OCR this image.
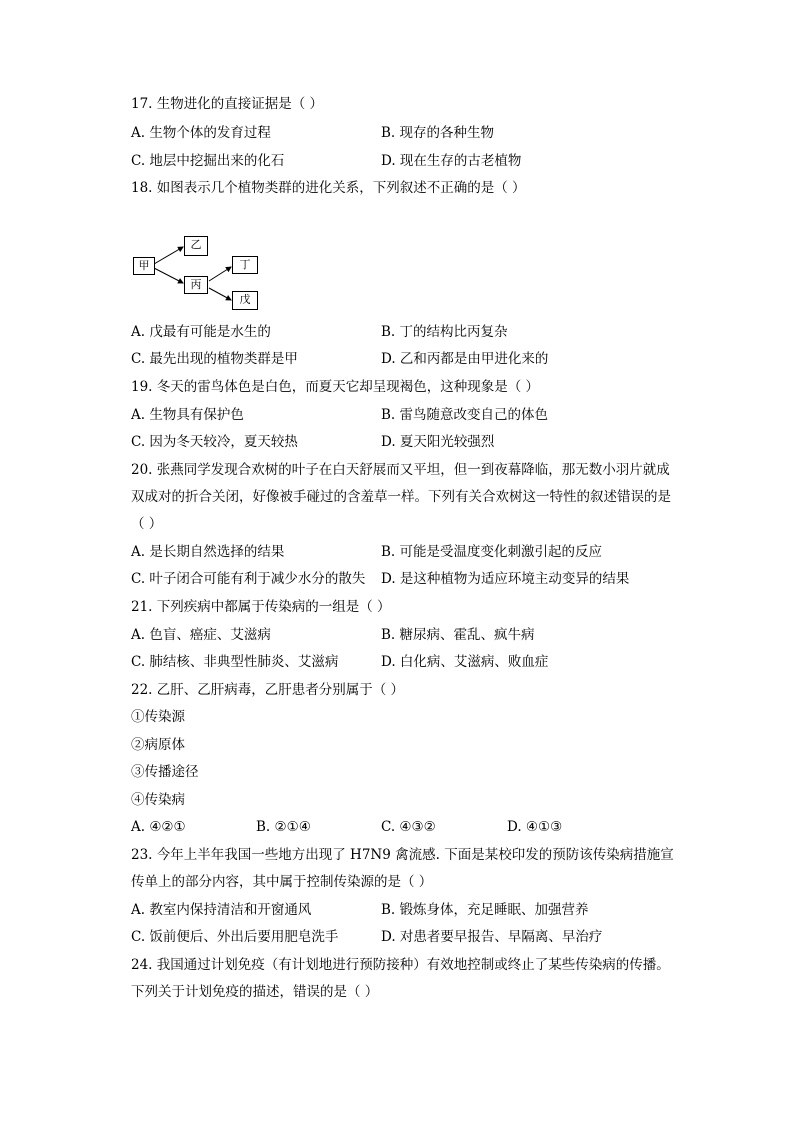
17. 生物进化的直接证据是（ ）
A. 生物个体的发育过程	B. 现存的各种生物
C. 地层中挖掘出来的化石	D. 现在生存的古老植物
18. 如图表示几个植物类群的进化关系，下列叙述不正确的是（ ）
甲
乙
丙
丁
戊
A. 戊最有可能是水生的	B. 丁的结构比丙复杂
C. 最先出现的植物类群是甲	D. 乙和丙都是由甲进化来的
19. 冬天的雷鸟体色是白色，而夏天它却呈现褐色，这种现象是（ ）
A. 生物具有保护色	B. 雷鸟随意改变自己的体色
C. 因为冬天较冷，夏天较热	D. 夏天阳光较强烈
20. 张燕同学发现合欢树的叶子在白天舒展而又平坦，但一到夜幕降临，那无数小羽片就成
双成对的折合关闭，好像被手碰过的含羞草一样。下列有关合欢树这一特性的叙述错误的是
（ ）
A. 是长期自然选择的结果	B. 可能是受温度变化刺激引起的反应
C. 叶子闭合可能有利于减少水分的散失 D. 是这种植物为适应环境主动变异的结果
21. 下列疾病中都属于传染病的一组是（ ）
A. 色盲、癌症、艾滋病	B. 糖尿病、霍乱、疯牛病
C. 肺结核、非典型性肺炎、艾滋病	D. 白化病、艾滋病、败血症
22. 乙肝、乙肝病毒，乙肝患者分别属于（ ）
①传染源
②病原体
③传播途径
④传染病
A. ④②①	B. ②①④	C. ④③②	D. ④①③
23. 今年上半年我国一些地方出现了 H7N9 禽流感. 下面是某校印发的预防该传染病措施宣
传单上的部分内容，其中属于控制传染源的是（ ）
A. 教室内保持清洁和开窗通风	B. 锻炼身体，充足睡眠、加强营养
C. 饭前便后、外出后要用肥皂洗手	D. 对患者要早报告、早隔离、早治疗
24. 我国通过计划免疫（有计划地进行预防接种）有效地控制或终止了某些传染病的传播。
下列关于计划免疫的描述，错误的是（ ）
